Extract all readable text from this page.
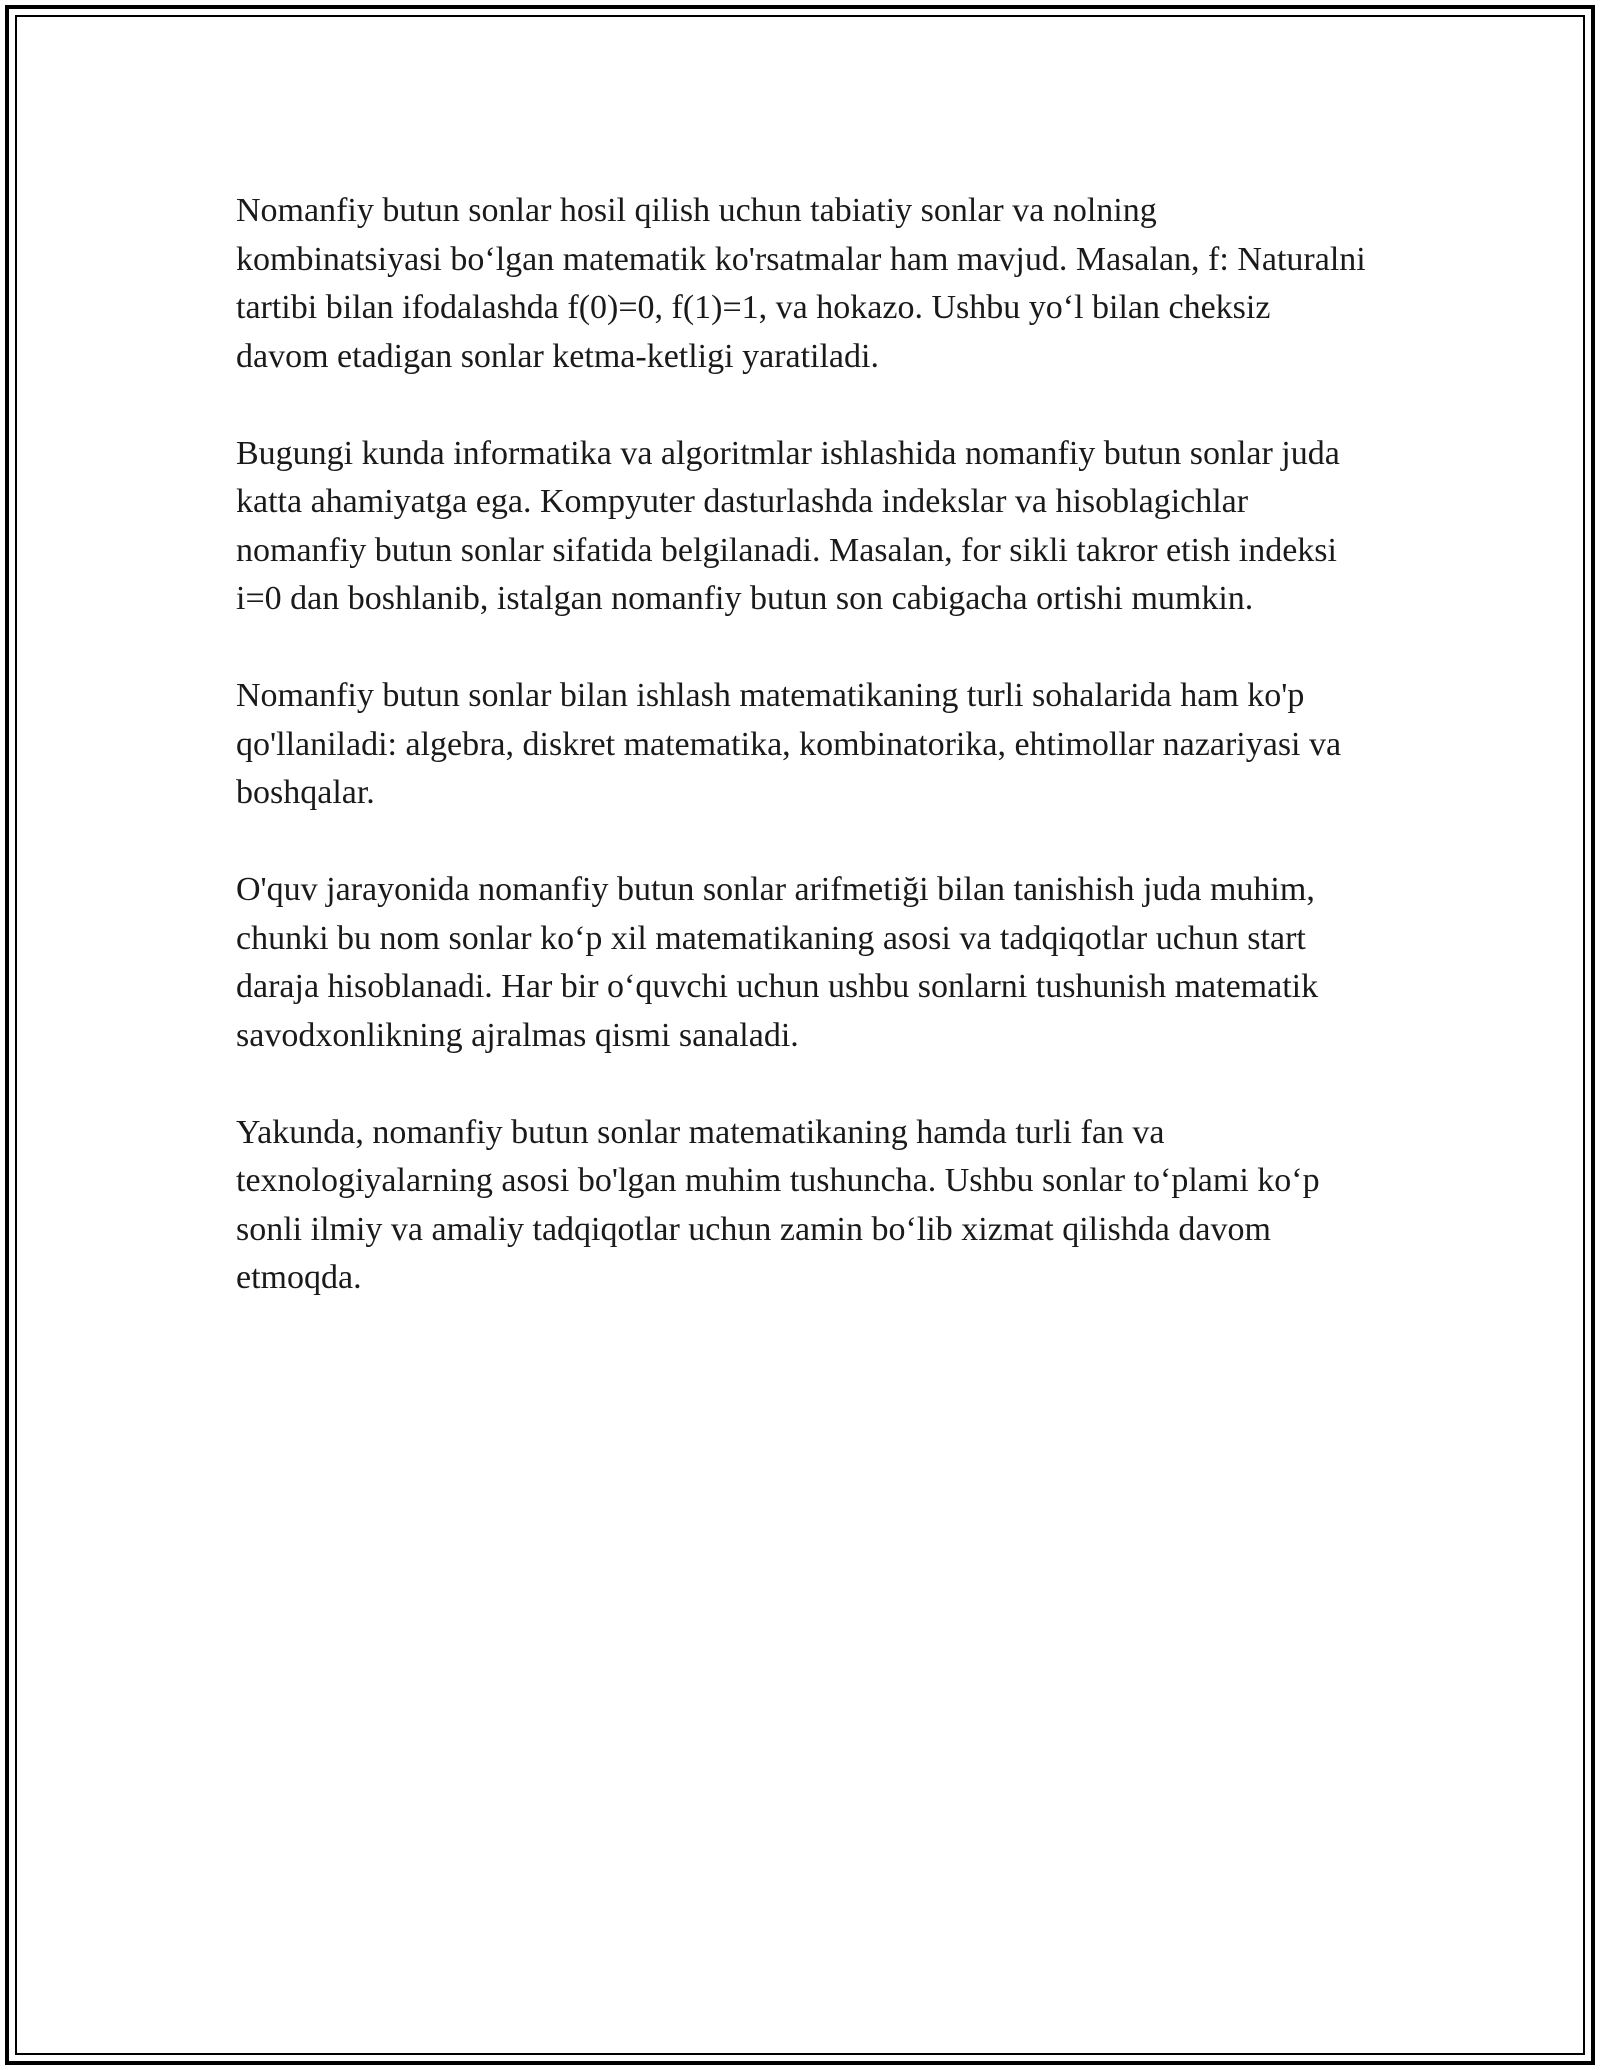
Nomanfiy butun sonlar hosil qilish uchun tabiatiy sonlar va nolning kombinatsiyasi bo‘lgan matematik ko'rsatmalar ham mavjud. Masalan, f: Naturalni tartibi bilan ifodalashda f(0)=0, f(1)=1, va hokazo. Ushbu yo‘l bilan cheksiz davom etadigan sonlar ketma-ketligi yaratiladi.

Bugungi kunda informatika va algoritmlar ishlashida nomanfiy butun sonlar juda katta ahamiyatga ega. Kompyuter dasturlashda indekslar va hisoblagichlar nomanfiy butun sonlar sifatida belgilanadi. Masalan, for sikli takror etish indeksi i=0 dan boshlanib, istalgan nomanfiy butun son cabigacha ortishi mumkin.

Nomanfiy butun sonlar bilan ishlash matematikaning turli sohalarida ham ko'p qo'llaniladi: algebra, diskret matematika, kombinatorika, ehtimollar nazariyasi va boshqalar.

O'quv jarayonida nomanfiy butun sonlar arifmetiği bilan tanishish juda muhim, chunki bu nom sonlar ko‘p xil matematikaning asosi va tadqiqotlar uchun start daraja hisoblanadi. Har bir o‘quvchi uchun ushbu sonlarni tushunish matematik savodxonlikning ajralmas qismi sanaladi.

Yakunda, nomanfiy butun sonlar matematikaning hamda turli fan va texnologiyalarning asosi bo'lgan muhim tushuncha. Ushbu sonlar to‘plami ko‘p sonli ilmiy va amaliy tadqiqotlar uchun zamin bo‘lib xizmat qilishda davom etmoqda.
